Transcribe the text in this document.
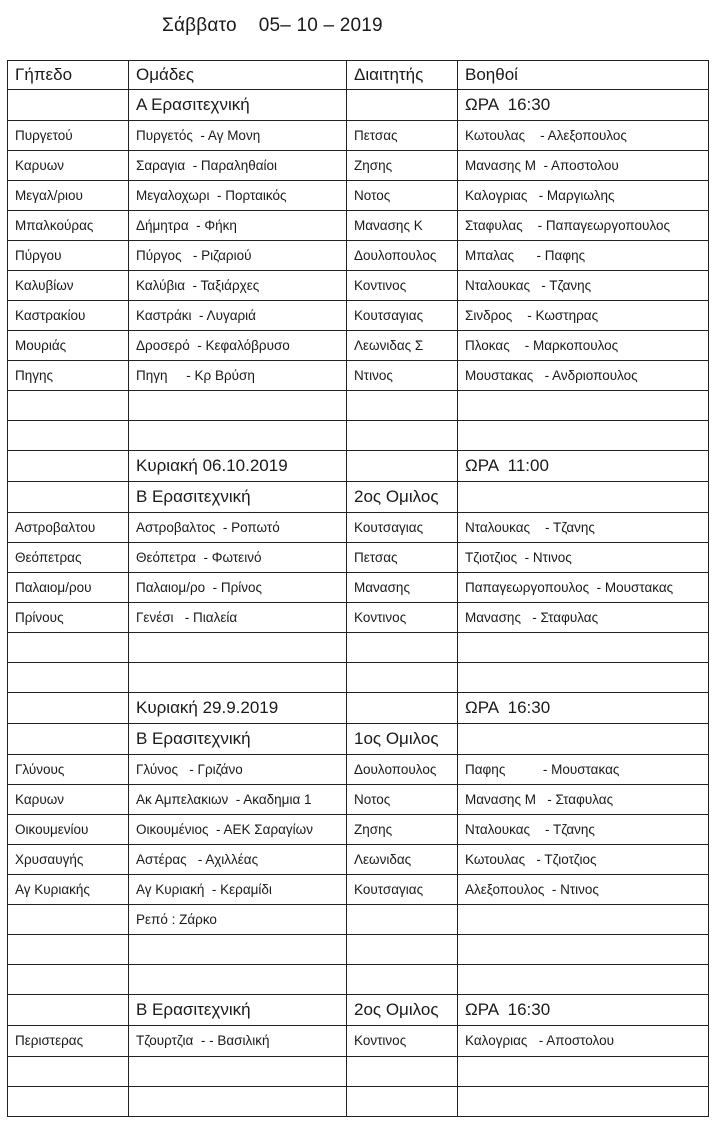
Σάββατο    05– 10 – 2019
Γήπεδο	Ομάδες	Διαιτητής	Βοηθοί
	Α Ερασιτεχνική		ΩΡΑ  16:30
Πυργετού	Πυργετός  - Αγ Μονη	Πετσας	Κωτουλας    - Αλεξοπουλος
Καρυων	Σαραγια  - Παραληθαίοι	Ζησης	Μανασης Μ  - Αποστολου
Μεγαλ/ριου	Μεγαλοχωρι  - Πορταικός	Νοτος	Καλογριας   - Μαργιωλης
Μπαλκούρας	Δήμητρα  - Φήκη	Μανασης Κ	Σταφυλας    - Παπαγεωργοπουλος
Πύργου	Πύργος   - Ριζαριού	Δουλοπουλος	Μπαλας      - Παφης
Καλυβίων	Καλύβια  - Ταξιάρχες	Κοντινος	Νταλουκας   - Τζανης
Καστρακίου	Καστράκι  - Λυγαριά	Κουτσαγιας	Σινδρος    - Κωστηρας
Μουριάς	Δροσερό  - Κεφαλόβρυσο	Λεωνιδας Σ	Πλοκας    - Μαρκοπουλος
Πηγης	Πηγη     - Κρ Βρύση	Ντινος	Μουστακας   - Ανδριοπουλος

	Κυριακή 06.10.2019		ΩΡΑ  11:00
	Β Ερασιτεχνική	2ος Ομιλος	
Αστροβαλτου	Αστροβαλτος  - Ροπωτό	Κουτσαγιας	Νταλουκας    - Τζανης
Θεόπετρας	Θεόπετρα  - Φωτεινό	Πετσας	Τζιοτζιος  - Ντινος
Παλαιομ/ρου	Παλαιομ/ρο  - Πρίνος	Μανασης	Παπαγεωργοπουλος  - Μουστακας
Πρίνους	Γενέσι   - Πιαλεία	Κοντινος	Μανασης   - Σταφυλας

	Κυριακή 29.9.2019		ΩΡΑ  16:30
	Β Ερασιτεχνική	1ος Ομιλος	
Γλύνους	Γλύνος   - Γριζάνο	Δουλοπουλος	Παφης          - Μουστακας
Καρυων	Ακ Αμπελακιων  - Ακαδημια 1	Νοτος	Μανασης Μ   - Σταφυλας
Οικουμενίου	Οικουμένιος  - ΑΕΚ Σαραγίων	Ζησης	Νταλουκας    - Τζανης
Χρυσαυγής	Αστέρας   - Αχιλλέας	Λεωνιδας	Κωτουλας   - Τζιοτζιος
Αγ Κυριακής	Αγ Κυριακή  - Κεραμίδι	Κουτσαγιας	Αλεξοπουλος  - Ντινος
	Ρεπό : Ζάρκο		

	Β Ερασιτεχνική	2ος Ομιλος	ΩΡΑ  16:30
Περιστερας	Τζουρτζια  - - Βασιλική	Κοντινος	Καλογριας   - Αποστολου
